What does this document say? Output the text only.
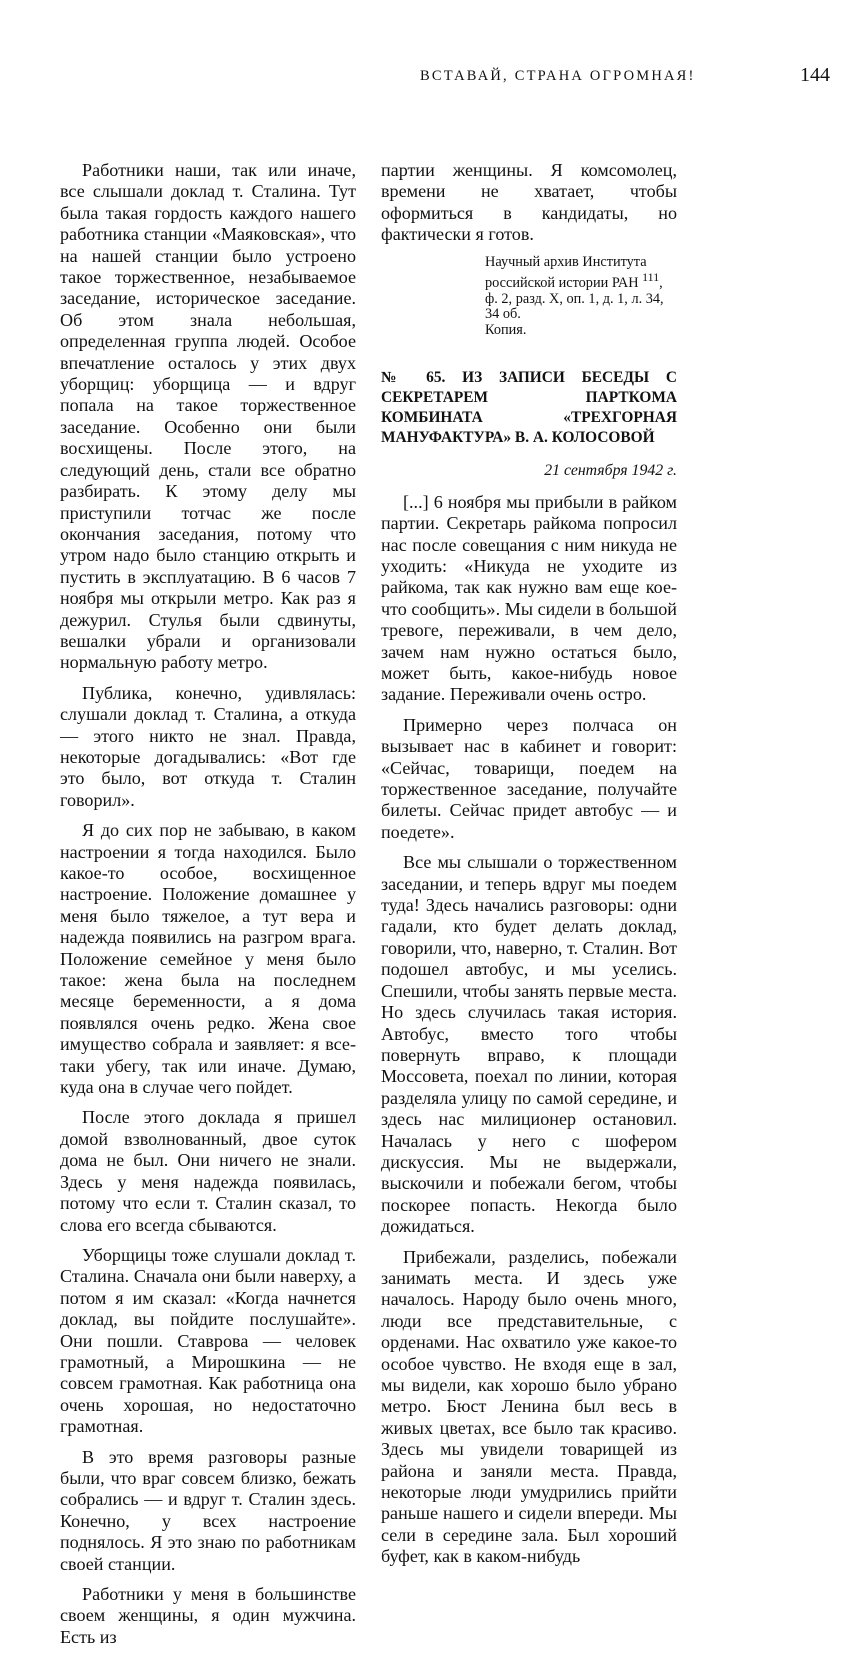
ВСТАВАЙ, СТРАНА ОГРОМНАЯ!	144

Работники наши, так или иначе, все слышали доклад т. Сталина. Тут была такая гордость каждого нашего работника станции «Маяковская», что на нашей станции было устроено такое торжественное, незабываемое заседание, историческое заседание. Об этом знала небольшая, определенная группа людей. Особое впечатление осталось у этих двух уборщиц: уборщица — и вдруг попала на такое торжественное заседание. Особенно они были восхищены. После этого, на следующий день, стали все обратно разбирать. К этому делу мы приступили тотчас же после окончания заседания, потому что утром надо было станцию открыть и пустить в эксплуатацию. В 6 часов 7 ноября мы открыли метро. Как раз я дежурил. Стулья были сдвинуты, вешалки убрали и организовали нормальную работу метро.

Публика, конечно, удивлялась: слушали доклад т. Сталина, а откуда — этого никто не знал. Правда, некоторые догадывались: «Вот где это было, вот откуда т. Сталин говорил».

Я до сих пор не забываю, в каком настроении я тогда находился. Было какое-то особое, восхищенное настроение. Положение домашнее у меня было тяжелое, а тут вера и надежда появились на разгром врага. Положение семейное у меня было такое: жена была на последнем месяце беременности, а я дома появлялся очень редко. Жена свое имущество собрала и заявляет: я все-таки убегу, так или иначе. Думаю, куда она в случае чего пойдет.

После этого доклада я пришел домой взволнованный, двое суток дома не был. Они ничего не знали. Здесь у меня надежда появилась, потому что если т. Сталин сказал, то слова его всегда сбываются.

Уборщицы тоже слушали доклад т. Сталина. Сначала они были наверху, а потом я им сказал: «Когда начнется доклад, вы пойдите послушайте». Они пошли. Ставрова — человек грамотный, а Мирошкина — не совсем грамотная. Как работница она очень хорошая, но недостаточно грамотная.

В это время разговоры разные были, что враг совсем близко, бежать собрались — и вдруг т. Сталин здесь. Конечно, у всех настроение поднялось. Я это знаю по работникам своей станции.

Работники у меня в большинстве своем женщины, я один мужчина. Есть из

партии женщины. Я комсомолец, времени не хватает, чтобы оформиться в кандидаты, но фактически я готов.

Научный архив Института российской истории РАН $^{111}$, ф. 2, разд. X, оп. 1, д. 1, л. 34, 34 об.
Копия.
№ 65. ИЗ ЗАПИСИ БЕСЕДЫ С СЕКРЕТАРЕМ ПАРТКОМА КОМБИНАТА «ТРЕХГОРНАЯ МАНУФАКТУРА» В. А. КОЛОСОВОЙ
21 сентября 1942 г.

[...] 6 ноября мы прибыли в райком партии. Секретарь райкома попросил нас после совещания с ним никуда не уходить: «Никуда не уходите из райкома, так как нужно вам еще кое-что сообщить». Мы сидели в большой тревоге, переживали, в чем дело, зачем нам нужно остаться было, может быть, какое-нибудь новое задание. Переживали очень остро.

Примерно через полчаса он вызывает нас в кабинет и говорит: «Сейчас, товарищи, поедем на торжественное заседание, получайте билеты. Сейчас придет автобус — и поедете».

Все мы слышали о торжественном заседании, и теперь вдруг мы поедем туда! Здесь начались разговоры: одни гадали, кто будет делать доклад, говорили, что, наверно, т. Сталин. Вот подошел автобус, и мы уселись. Спешили, чтобы занять первые места. Но здесь случилась такая история. Автобус, вместо того чтобы повернуть вправо, к площади Моссовета, поехал по линии, которая разделяла улицу по самой середине, и здесь нас милиционер остановил. Началась у него с шофером дискуссия. Мы не выдержали, выскочили и побежали бегом, чтобы поскорее попасть. Некогда было дожидаться.

Прибежали, разделись, побежали занимать места. И здесь уже началось. Народу было очень много, люди все представительные, с орденами. Нас охватило уже какое-то особое чувство. Не входя еще в зал, мы видели, как хорошо было убрано метро. Бюст Ленина был весь в живых цветах, все было так красиво. Здесь мы увидели товарищей из района и заняли места. Правда, некоторые люди умудрились прийти раньше нашего и сидели впереди. Мы сели в середине зала. Был хороший буфет, как в каком-нибудь
